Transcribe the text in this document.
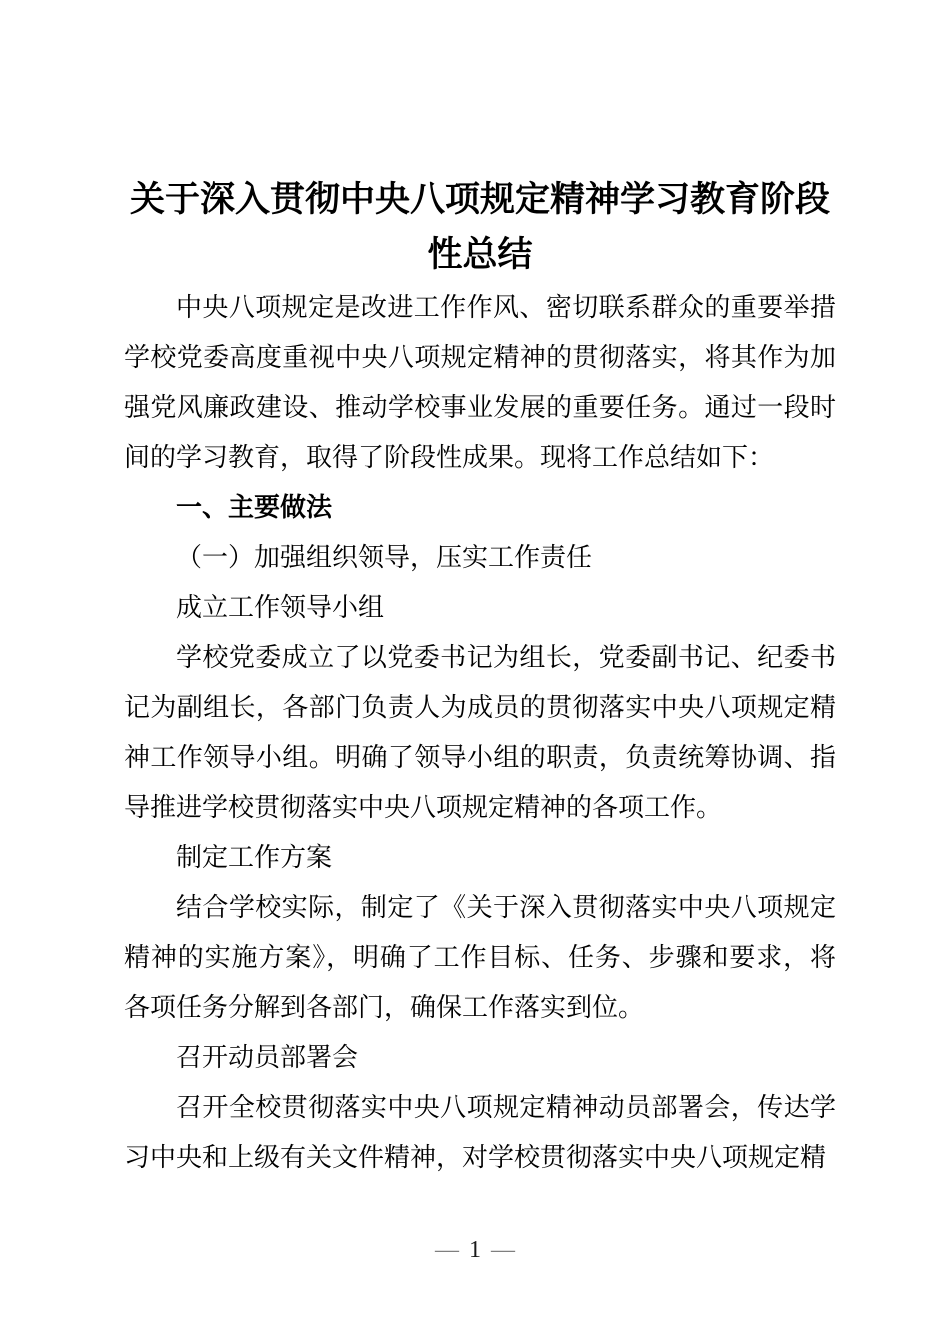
关于深入贯彻中央八项规定精神学习教育阶段性总结

中央八项规定是改进工作作风、密切联系群众的重要举措学校党委高度重视中央八项规定精神的贯彻落实，将其作为加强党风廉政建设、推动学校事业发展的重要任务。通过一段时间的学习教育，取得了阶段性成果。现将工作总结如下：

一、主要做法

（一）加强组织领导，压实工作责任

成立工作领导小组

学校党委成立了以党委书记为组长，党委副书记、纪委书记为副组长，各部门负责人为成员的贯彻落实中央八项规定精神工作领导小组。明确了领导小组的职责，负责统筹协调、指导推进学校贯彻落实中央八项规定精神的各项工作。

制定工作方案

结合学校实际，制定了《关于深入贯彻落实中央八项规定精神的实施方案》，明确了工作目标、任务、步骤和要求，将各项任务分解到各部门，确保工作落实到位。

召开动员部署会

召开全校贯彻落实中央八项规定精神动员部署会，传达学习中央和上级有关文件精神，对学校贯彻落实中央八项规定精

— 1 —
